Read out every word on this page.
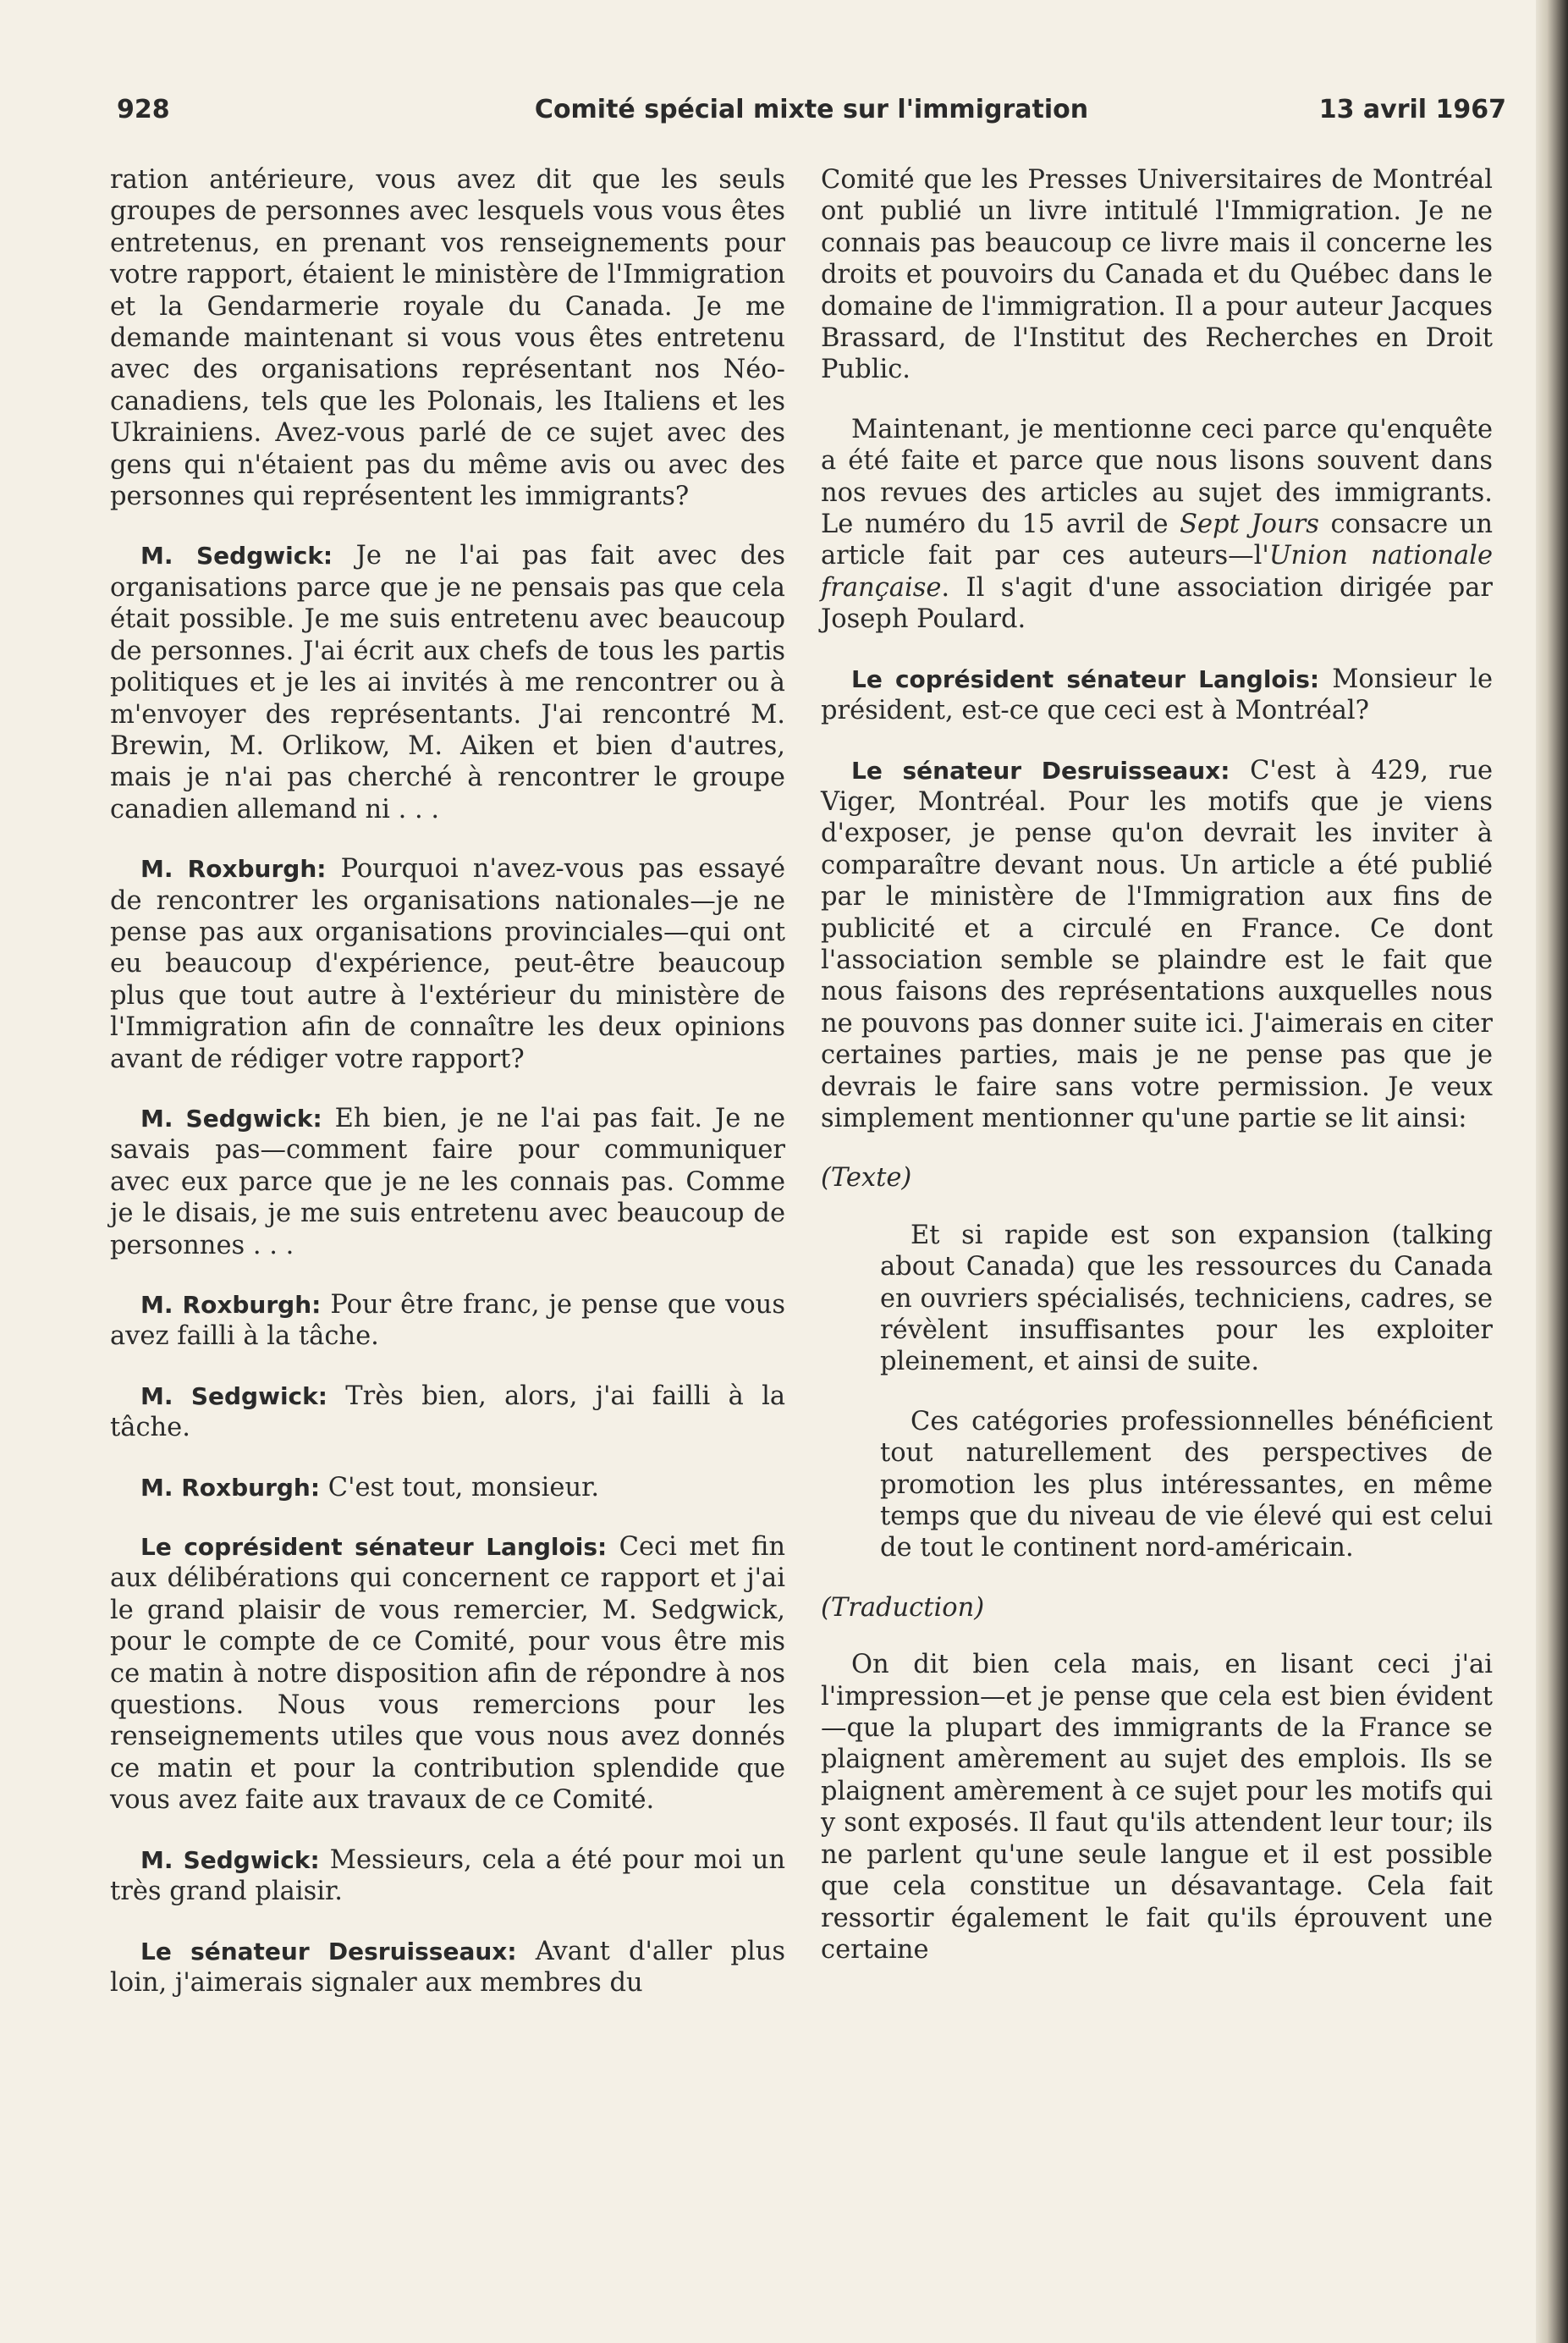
Comité spécial mixte sur l'immigration
928	13 avril 1967

ration antérieure, vous avez dit que les seuls groupes de personnes avec lesquels vous vous êtes entretenus, en prenant vos renseignements pour votre rapport, étaient le ministère de l'Immigration et la Gendarmerie royale du Canada. Je me demande maintenant si vous vous êtes entretenu avec des organisations représentant nos Néo-canadiens, tels que les Polonais, les Italiens et les Ukrainiens. Avez-vous parlé de ce sujet avec des gens qui n'étaient pas du même avis ou avec des personnes qui représentent les immigrants?

M. Sedgwick: Je ne l'ai pas fait avec des organisations parce que je ne pensais pas que cela était possible. Je me suis entretenu avec beaucoup de personnes. J'ai écrit aux chefs de tous les partis politiques et je les ai invités à me rencontrer ou à m'envoyer des représentants. J'ai rencontré M. Brewin, M. Orlikow, M. Aiken et bien d'autres, mais je n'ai pas cherché à rencontrer le groupe canadien allemand ni . . .

M. Roxburgh: Pourquoi n'avez-vous pas essayé de rencontrer les organisations nationales—je ne pense pas aux organisations provinciales—qui ont eu beaucoup d'expérience, peut-être beaucoup plus que tout autre à l'extérieur du ministère de l'Immigration afin de connaître les deux opinions avant de rédiger votre rapport?

M. Sedgwick: Eh bien, je ne l'ai pas fait. Je ne savais pas—comment faire pour communiquer avec eux parce que je ne les connais pas. Comme je le disais, je me suis entretenu avec beaucoup de personnes . . .

M. Roxburgh: Pour être franc, je pense que vous avez failli à la tâche.

M. Sedgwick: Très bien, alors, j'ai failli à la tâche.

M. Roxburgh: C'est tout, monsieur.

Le coprésident sénateur Langlois: Ceci met fin aux délibérations qui concernent ce rapport et j'ai le grand plaisir de vous remercier, M. Sedgwick, pour le compte de ce Comité, pour vous être mis ce matin à notre disposition afin de répondre à nos questions. Nous vous remercions pour les renseignements utiles que vous nous avez donnés ce matin et pour la contribution splendide que vous avez faite aux travaux de ce Comité.

M. Sedgwick: Messieurs, cela a été pour moi un très grand plaisir.

Le sénateur Desruisseaux: Avant d'aller plus loin, j'aimerais signaler aux membres du

Comité que les Presses Universitaires de Montréal ont publié un livre intitulé l'Immigration. Je ne connais pas beaucoup ce livre mais il concerne les droits et pouvoirs du Canada et du Québec dans le domaine de l'immigration. Il a pour auteur Jacques Brassard, de l'Institut des Recherches en Droit Public.

Maintenant, je mentionne ceci parce qu'enquête a été faite et parce que nous lisons souvent dans nos revues des articles au sujet des immigrants. Le numéro du 15 avril de Sept Jours consacre un article fait par ces auteurs—l'Union nationale française. Il s'agit d'une association dirigée par Joseph Poulard.

Le coprésident sénateur Langlois: Monsieur le président, est-ce que ceci est à Montréal?

Le sénateur Desruisseaux: C'est à 429, rue Viger, Montréal. Pour les motifs que je viens d'exposer, je pense qu'on devrait les inviter à comparaître devant nous. Un article a été publié par le ministère de l'Immigration aux fins de publicité et a circulé en France. Ce dont l'association semble se plaindre est le fait que nous faisons des représentations auxquelles nous ne pouvons pas donner suite ici. J'aimerais en citer certaines parties, mais je ne pense pas que je devrais le faire sans votre permission. Je veux simplement mentionner qu'une partie se lit ainsi:

(Texte)

Et si rapide est son expansion (talking about Canada) que les ressources du Canada en ouvriers spécialisés, techniciens, cadres, se révèlent insuffisantes pour les exploiter pleinement, et ainsi de suite.

Ces catégories professionnelles bénéficient tout naturellement des perspectives de promotion les plus intéressantes, en même temps que du niveau de vie élevé qui est celui de tout le continent nord-américain.

(Traduction)

On dit bien cela mais, en lisant ceci j'ai l'impression—et je pense que cela est bien évident—que la plupart des immigrants de la France se plaignent amèrement au sujet des emplois. Ils se plaignent amèrement à ce sujet pour les motifs qui y sont exposés. Il faut qu'ils attendent leur tour; ils ne parlent qu'une seule langue et il est possible que cela constitue un désavantage. Cela fait ressortir également le fait qu'ils éprouvent une certaine
